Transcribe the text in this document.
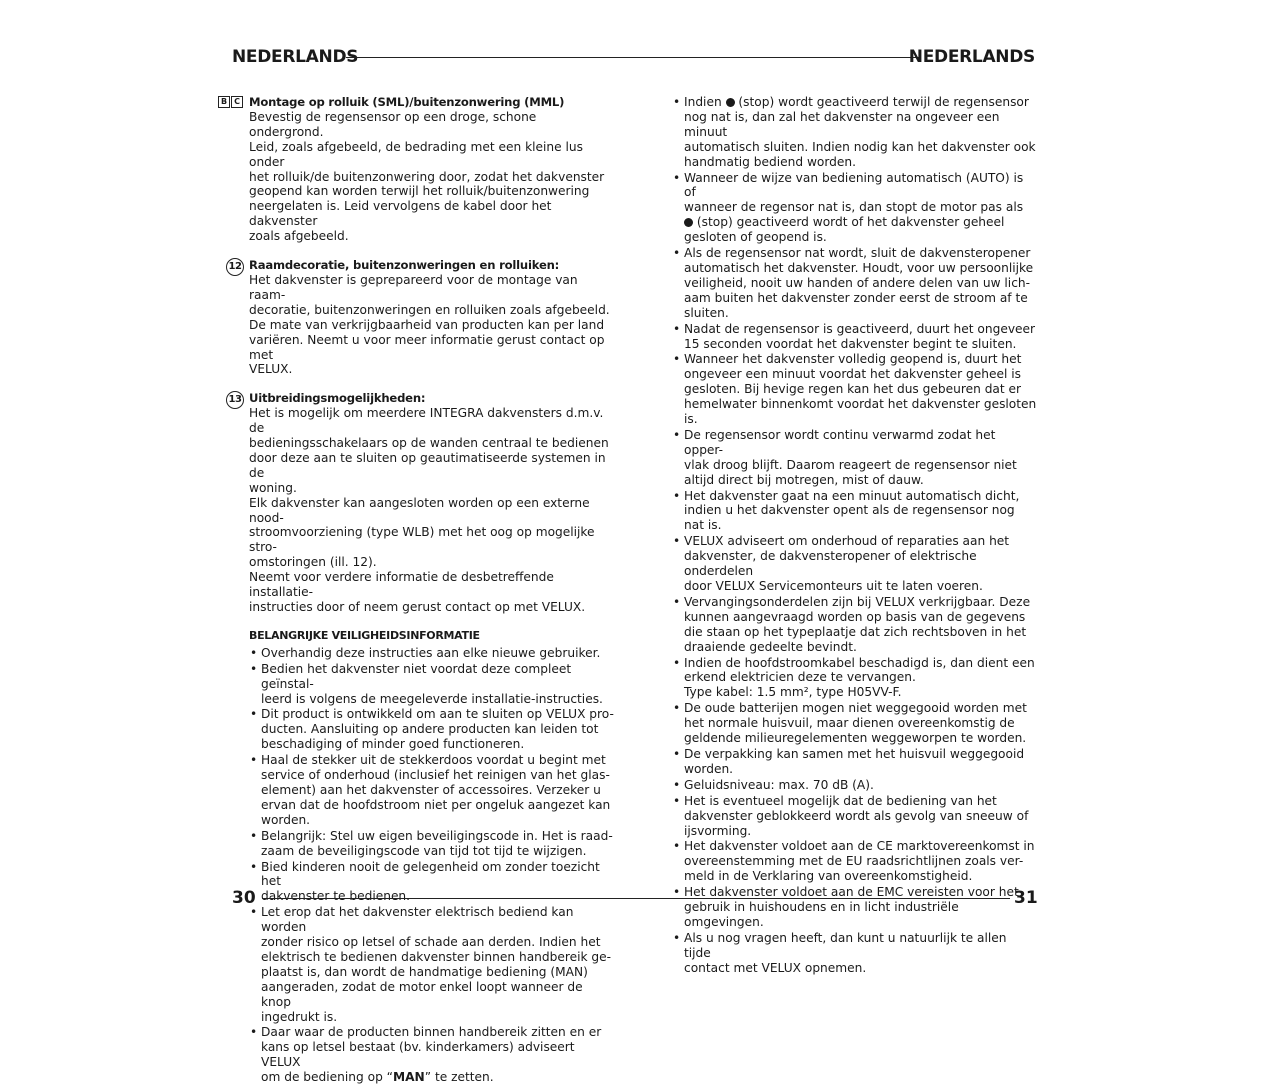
NEDERLANDS	NEDERLANDS
B C Montage op rolluik (SML)/buitenzonwering (MML)
Bevestig de regensensor op een droge, schone ondergrond.
Leid, zoals afgebeeld, de bedrading met een kleine lus onder
het rolluik/de buitenzonwering door, zodat het dakvenster
geopend kan worden terwijl het rolluik/buitenzonwering
neergelaten is. Leid vervolgens de kabel door het dakvenster
zoals afgebeeld.
12 Raamdecoratie, buitenzonweringen en rolluiken:
Het dakvenster is geprepareerd voor de montage van raam-
decoratie, buitenzonweringen en rolluiken zoals afgebeeld.
De mate van verkrijgbaarheid van producten kan per land
variëren. Neemt u voor meer informatie gerust contact op met
VELUX.
13 Uitbreidingsmogelijkheden:
Het is mogelijk om meerdere INTEGRA dakvensters d.m.v. de
bedieningsschakelaars op de wanden centraal te bedienen
door deze aan te sluiten op geautimatiseerde systemen in de
woning.
Elk dakvenster kan aangesloten worden op een externe nood-
stroomvoorziening (type WLB) met het oog op mogelijke stro-
omstoringen (ill. 12).
Neemt voor verdere informatie de desbetreffende installatie-
instructies door of neem gerust contact op met VELUX.
BELANGRIJKE VEILIGHEIDSINFORMATIE
• Overhandig deze instructies aan elke nieuwe gebruiker.
• Bedien het dakvenster niet voordat deze compleet geïnstal-
leerd is volgens de meegeleverde installatie-instructies.
• Dit product is ontwikkeld om aan te sluiten op VELUX pro-
ducten. Aansluiting op andere producten kan leiden tot
beschadiging of minder goed functioneren.
• Haal de stekker uit de stekkerdoos voordat u begint met
service of onderhoud (inclusief het reinigen van het glas-
element) aan het dakvenster of accessoires. Verzeker u
ervan dat de hoofdstroom niet per ongeluk aangezet kan
worden.
• Belangrijk: Stel uw eigen beveiligingscode in. Het is raad-
zaam de beveiligingscode van tijd tot tijd te wijzigen.
• Bied kinderen nooit de gelegenheid om zonder toezicht het
dakvenster te bedienen.
• Let erop dat het dakvenster elektrisch bediend kan worden
zonder risico op letsel of schade aan derden. Indien het
elektrisch te bedienen dakvenster binnen handbereik ge-
plaatst is, dan wordt de handmatige bediening (MAN)
aangeraden, zodat de motor enkel loopt wanneer de knop
ingedrukt is.
• Daar waar de producten binnen handbereik zitten en er
kans op letsel bestaat (bv. kinderkamers) adviseert VELUX
om de bediening op “MAN” te zetten.
• Indien  (stop) wordt geactiveerd terwijl de regensensor
nog nat is, dan zal het dakvenster na ongeveer een minuut
automatisch sluiten. Indien nodig kan het dakvenster ook
handmatig bediend worden.
• Wanneer de wijze van bediening automatisch (AUTO) is of
wanneer de regensor nat is, dan stopt de motor pas als
(stop) geactiveerd wordt of het dakvenster geheel
gesloten of geopend is.
• Als de regensensor nat wordt, sluit de dakvensteropener
automatisch het dakvenster. Houdt, voor uw persoonlijke
veiligheid, nooit uw handen of andere delen van uw lich-
aam buiten het dakvenster zonder eerst de stroom af te
sluiten.
• Nadat de regensensor is geactiveerd, duurt het ongeveer
15 seconden voordat het dakvenster begint te sluiten.
• Wanneer het dakvenster volledig geopend is, duurt het
ongeveer een minuut voordat het dakvenster geheel is
gesloten. Bij hevige regen kan het dus gebeuren dat er
hemelwater binnenkomt voordat het dakvenster gesloten is.
• De regensensor wordt continu verwarmd zodat het opper-
vlak droog blijft. Daarom reageert de regensensor niet
altijd direct bij motregen, mist of dauw.
• Het dakvenster gaat na een minuut automatisch dicht,
indien u het dakvenster opent als de regensensor nog nat is.
• VELUX adviseert om onderhoud of reparaties aan het
dakvenster, de dakvensteropener of elektrische onderdelen
door VELUX Servicemonteurs uit te laten voeren.
• Vervangingsonderdelen zijn bij VELUX verkrijgbaar. Deze
kunnen aangevraagd worden op basis van de gegevens
die staan op het typeplaatje dat zich rechtsboven in het
draaiende gedeelte bevindt.
• Indien de hoofdstroomkabel beschadigd is, dan dient een
erkend elektricien deze te vervangen.
Type kabel: 1.5 mm², type H05VV-F.
• De oude batterijen mogen niet weggegooid worden met
het normale huisvuil, maar dienen overeenkomstig de
geldende milieuregelementen weggeworpen te worden.
• De verpakking kan samen met het huisvuil weggegooid
worden.
• Geluidsniveau: max. 70 dB (A).
• Het is eventueel mogelijk dat de bediening van het
dakvenster geblokkeerd wordt als gevolg van sneeuw of
ijsvorming.
• Het dakvenster voldoet aan de CE marktovereenkomst in
overeenstemming met de EU raadsrichtlijnen zoals ver-
meld in de Verklaring van overeenkomstigheid.
• Het dakvenster voldoet aan de EMC vereisten voor het
gebruik in huishoudens en in licht industriële omgevingen.
• Als u nog vragen heeft, dan kunt u natuurlijk te allen tijde
contact met VELUX opnemen.
30	31
